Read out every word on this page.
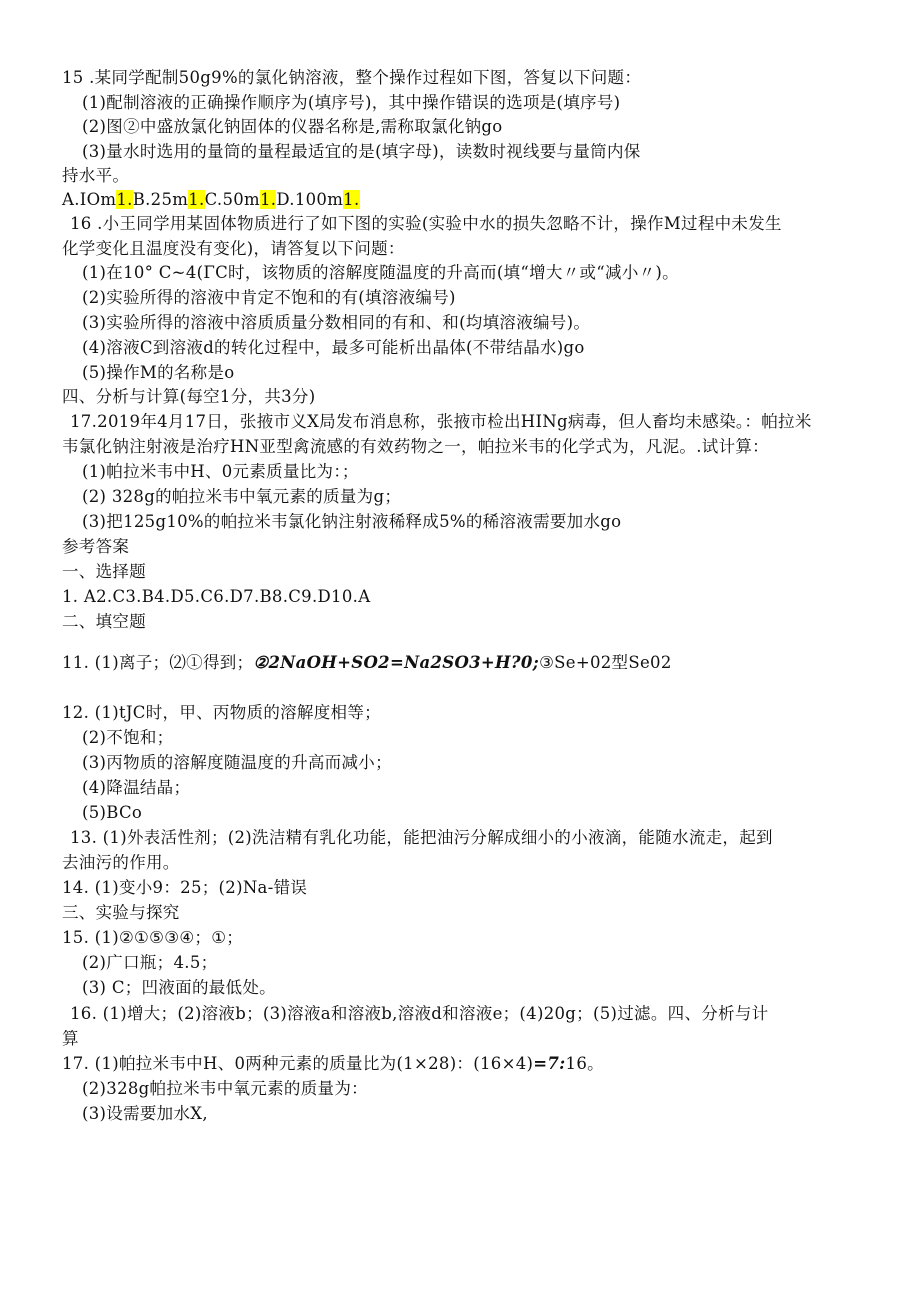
15 .某同学配制50g9%的氯化钠溶液，整个操作过程如下图，答复以下问题：
(1)配制溶液的正确操作顺序为(填序号)，其中操作错误的选项是(填序号)
(2)图②中盛放氯化钠固体的仪器名称是,需称取氯化钠go
(3)量水时选用的量筒的量程最适宜的是(填字母)，读数时视线要与量筒内保
持水平。
A.IOm1.B.25m1.C.50m1.D.100m1.
16 .小王同学用某固体物质进行了如下图的实验(实验中水的损失忽略不计，操作M过程中未发生
化学变化且温度没有变化)，请答复以下问题：
(1)在10° C~4(ΓC时，该物质的溶解度随温度的升高而(填“增大〃或“减小〃)。
(2)实验所得的溶液中肯定不饱和的有(填溶液编号)
(3)实验所得的溶液中溶质质量分数相同的有和、和(均填溶液编号)。
(4)溶液C到溶液d的转化过程中，最多可能析出晶体(不带结晶水)go
(5)操作M的名称是o
四、分析与计算(每空1分，共3分)
17.2019年4月17日，张掖市义X局发布消息称，张掖市检出HINg病毒，但人畜均未感染。：帕拉米
韦氯化钠注射液是治疗HN亚型禽流感的有效药物之一，帕拉米韦的化学式为，凡泥。.试计算：
(1)帕拉米韦中H、0元素质量比为：；
(2) 328g的帕拉米韦中氧元素的质量为g；
(3)把125g10%的帕拉米韦氯化钠注射液稀释成5%的稀溶液需要加水go
参考答案
一、选择题
1. A2.C3.B4.D5.C6.D7.B8.C9.D10.A
二、填空题
11. (1)离子；⑵①得到；②2NaOH+SO2=Na2SO3+H?0;③Se+02型Se02
12. (1)tJC时，甲、丙物质的溶解度相等；
(2)不饱和；
(3)丙物质的溶解度随温度的升高而减小；
(4)降温结晶；
(5)BCo
13. (1)外表活性剂；(2)洗洁精有乳化功能，能把油污分解成细小的小液滴，能随水流走，起到
去油污的作用。
14. (1)变小9：25；(2)Na-错误
三、实验与探究
15. (1)②①⑤③④；①；
(2)广口瓶；4.5；
(3) C；凹液面的最低处。
16. (1)增大；(2)溶液b；(3)溶液a和溶液b,溶液d和溶液e；(4)20g；(5)过滤。四、分析与计
算
17. (1)帕拉米韦中H、0两种元素的质量比为(1×28)：(16×4)=7:16。
(2)328g帕拉米韦中氧元素的质量为：
(3)设需要加水X,
